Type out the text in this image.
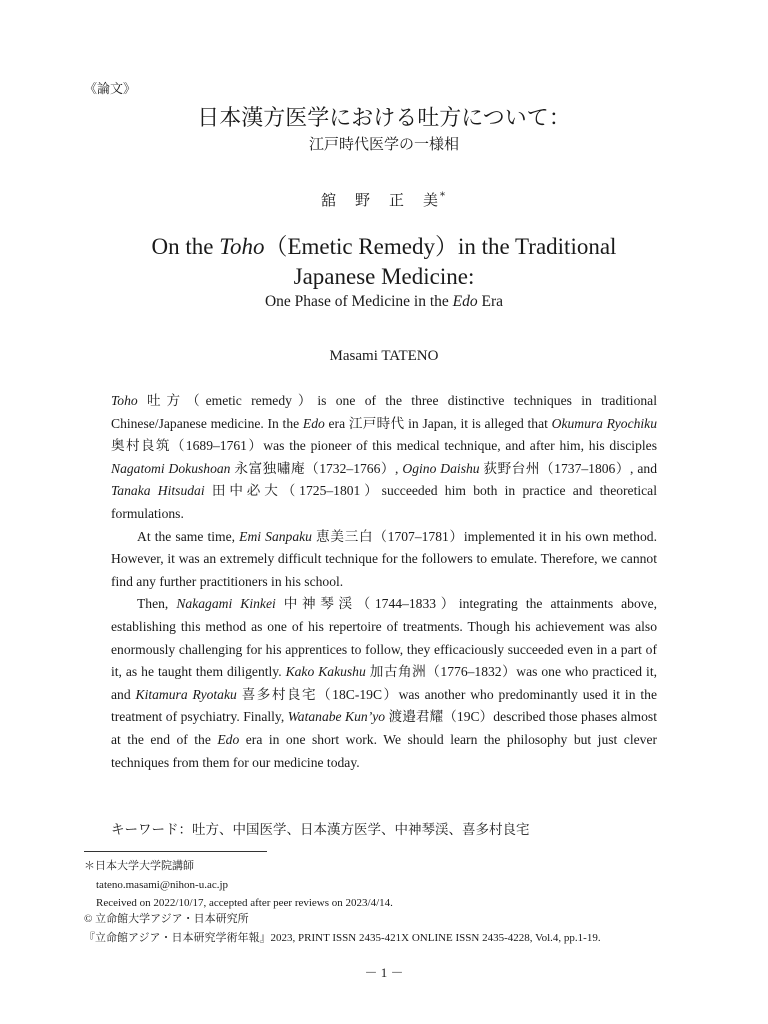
《論文》
日本漢方医学における吐方について：
江戸時代医学の一様相
舘　野　正　美*
On the Toho（Emetic Remedy）in the Traditional
Japanese Medicine:
One Phase of Medicine in the Edo Era
Masami TATENO

Toho 吐方（emetic remedy）is one of the three distinctive techniques in traditional Chinese/Japanese medicine. In the Edo era 江戸時代 in Japan, it is alleged that Okumura Ryochiku 奥村良筑（1689–1761）was the pioneer of this medical technique, and after him, his disciples Nagatomi Dokushoan 永富独嘯庵（1732–1766）, Ogino Daishu 荻野台州（1737–1806）, and Tanaka Hitsudai 田中必大（1725–1801）succeeded him both in practice and theoretical formulations.

At the same time, Emi Sanpaku 恵美三白（1707–1781）implemented it in his own method. However, it was an extremely difficult technique for the followers to emulate. Therefore, we cannot find any further practitioners in his school.

Then, Nakagami Kinkei 中神琴渓（1744–1833）integrating the attainments above, establishing this method as one of his repertoire of treatments. Though his achievement was also enormously challenging for his apprentices to follow, they efficaciously succeeded even in a part of it, as he taught them diligently. Kako Kakushu 加古角洲（1776–1832）was one who practiced it, and Kitamura Ryotaku 喜多村良宅（18C-19C）was another who predominantly used it in the treatment of psychiatry. Finally, Watanabe Kun’yo 渡邉君耀（19C）described those phases almost at the end of the Edo era in one short work. We should learn the philosophy but just clever techniques from them for our medicine today.

キーワード：吐方、中国医学、日本漢方医学、中神琴渓、喜多村良宅
＊日本大学大学院講師
tateno.masami@nihon-u.ac.jp
Received on 2022/10/17, accepted after peer reviews on 2023/4/14.
© 立命館大学アジア・日本研究所
『立命館アジア・日本研究学術年報』2023, PRINT ISSN 2435-421X ONLINE ISSN 2435-4228, Vol.4, pp.1-19.
－ 1 －
